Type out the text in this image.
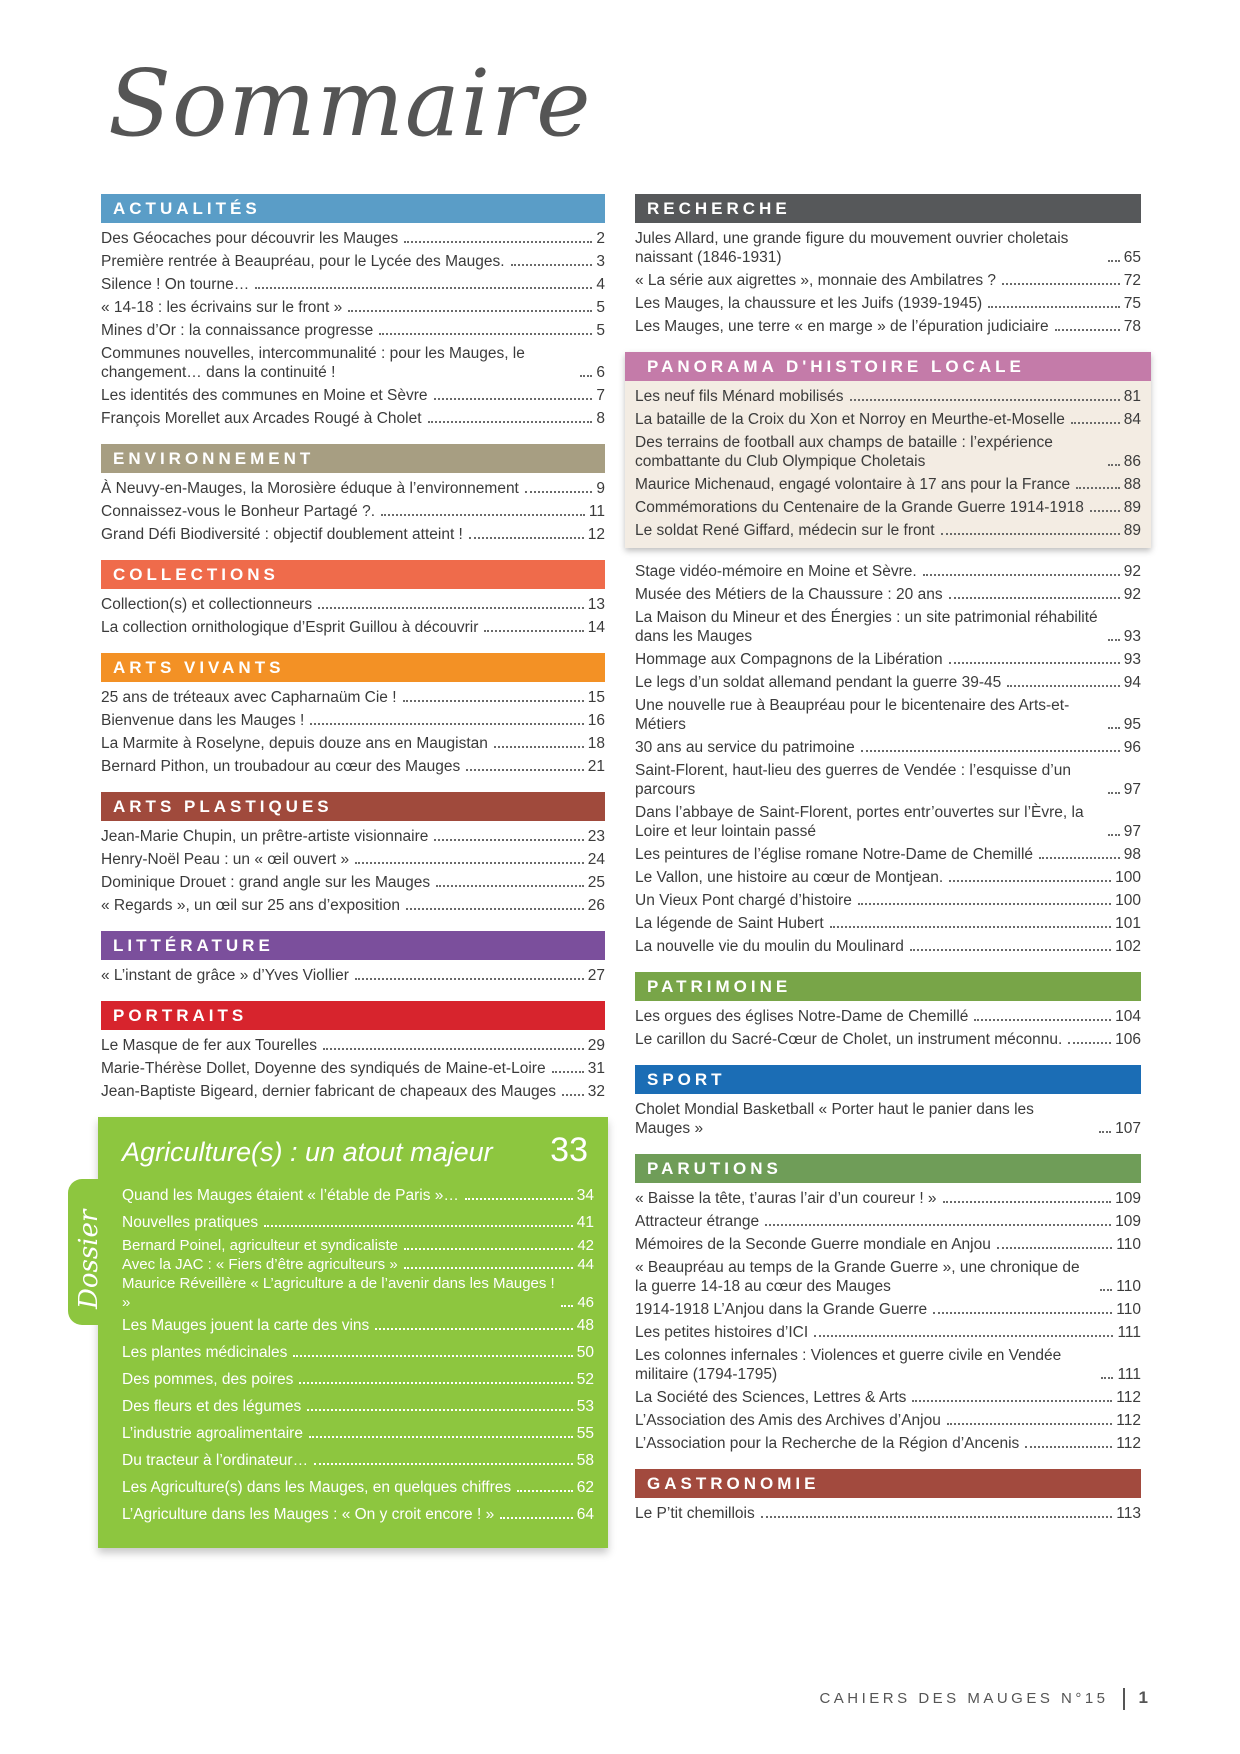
Sommaire
ACTUALITÉS
Des Géocaches pour découvrir les Mauges	2
Première rentrée à Beaupréau, pour le Lycée des Mauges.	3
Silence ! On tourne…	4
« 14-18 : les écrivains sur le front »	5
Mines d’Or : la connaissance progresse	5
Communes nouvelles, intercommunalité : pour les Mauges, le changement… dans la continuité !	6
Les identités des communes en Moine et Sèvre	7
François Morellet aux Arcades Rougé à Cholet	8
ENVIRONNEMENT
À Neuvy-en-Mauges, la Morosière éduque à l’environnement	9
Connaissez-vous le Bonheur Partagé ?.	11
Grand Défi Biodiversité : objectif doublement atteint !	12
COLLECTIONS
Collection(s) et collectionneurs	13
La collection ornithologique d’Esprit Guillou à découvrir	14
ARTS VIVANTS
25 ans de tréteaux avec Capharnaüm Cie !	15
Bienvenue dans les Mauges !	16
La Marmite à Roselyne, depuis douze ans en Maugistan	18
Bernard Pithon, un troubadour au cœur des Mauges	21
ARTS PLASTIQUES
Jean-Marie Chupin, un prêtre-artiste visionnaire	23
Henry-Noël Peau : un « œil ouvert »	24
Dominique Drouet : grand angle sur les Mauges	25
« Regards », un œil sur 25 ans d’exposition	26
LITTÉRATURE
« L’instant de grâce » d’Yves Viollier	27
PORTRAITS
Le Masque de fer aux Tourelles	29
Marie-Thérèse Dollet, Doyenne des syndiqués de Maine-et-Loire	31
Jean-Baptiste Bigeard, dernier fabricant de chapeaux des Mauges 32
Dossier
Agriculture(s) : un atout majeur 33
Quand les Mauges étaient « l’étable de Paris »…	34
Nouvelles pratiques	41
Bernard Poinel, agriculteur et syndicaliste	42
Avec la JAC : « Fiers d’être agriculteurs »	44
Maurice Réveillère « L’agriculture a de l’avenir dans les Mauges ! »	46
Les Mauges jouent la carte des vins	48
Les plantes médicinales	50
Des pommes, des poires	52
Des fleurs et des légumes	53
L’industrie agroalimentaire	55
Du tracteur à l’ordinateur…	58
Les Agriculture(s) dans les Mauges, en quelques chiffres	62
L’Agriculture dans les Mauges : « On y croit encore ! »	64
RECHERCHE
Jules Allard, une grande figure du mouvement ouvrier choletais naissant (1846-1931)	65
« La série aux aigrettes », monnaie des Ambilatres ?	72
Les Mauges, la chaussure et les Juifs (1939-1945)	75
Les Mauges, une terre « en marge » de l’épuration judiciaire	78
PANORAMA D'HISTOIRE LOCALE
Les neuf fils Ménard mobilisés	81
La bataille de la Croix du Xon et Norroy en Meurthe-et-Moselle	84
Des terrains de football aux champs de bataille : l’expérience combattante du Club Olympique Choletais	86
Maurice Michenaud, engagé volontaire à 17 ans pour la France	88
Commémorations du Centenaire de la Grande Guerre 1914-1918	89
Le soldat René Giffard, médecin sur le front	89
Stage vidéo-mémoire en Moine et Sèvre.	92
Musée des Métiers de la Chaussure : 20 ans	92
La Maison du Mineur et des Énergies : un site patrimonial réhabilité dans les Mauges	93
Hommage aux Compagnons de la Libération	93
Le legs d’un soldat allemand pendant la guerre 39-45	94
Une nouvelle rue à Beaupréau pour le bicentenaire des Arts-et-Métiers	95
30 ans au service du patrimoine	96
Saint-Florent, haut-lieu des guerres de Vendée : l’esquisse d’un parcours	97
Dans l’abbaye de Saint-Florent, portes entr’ouvertes sur l’Èvre, la Loire et leur lointain passé	97
Les peintures de l’église romane Notre-Dame de Chemillé	98
Le Vallon, une histoire au cœur de Montjean.	100
Un Vieux Pont chargé d’histoire	100
La légende de Saint Hubert	101
La nouvelle vie du moulin du Moulinard	102
PATRIMOINE
Les orgues des églises Notre-Dame de Chemillé	104
Le carillon du Sacré-Cœur de Cholet, un instrument méconnu.	106
SPORT
Cholet Mondial Basketball « Porter haut le panier dans les Mauges »	107
PARUTIONS
« Baisse la tête, t’auras l’air d’un coureur ! »	109
Attracteur étrange	109
Mémoires de la Seconde Guerre mondiale en Anjou	110
« Beaupréau au temps de la Grande Guerre », une chronique de la guerre 14-18 au cœur des Mauges	110
1914-1918 L’Anjou dans la Grande Guerre	110
Les petites histoires d’ICI	111
Les colonnes infernales : Violences et guerre civile en Vendée militaire (1794-1795)	111
La Société des Sciences, Lettres & Arts	112
L’Association des Amis des Archives d’Anjou	112
L’Association pour la Recherche de la Région d’Ancenis	112
GASTRONOMIE
Le P’tit chemillois	113
CAHIERS DES MAUGES N°15 1
